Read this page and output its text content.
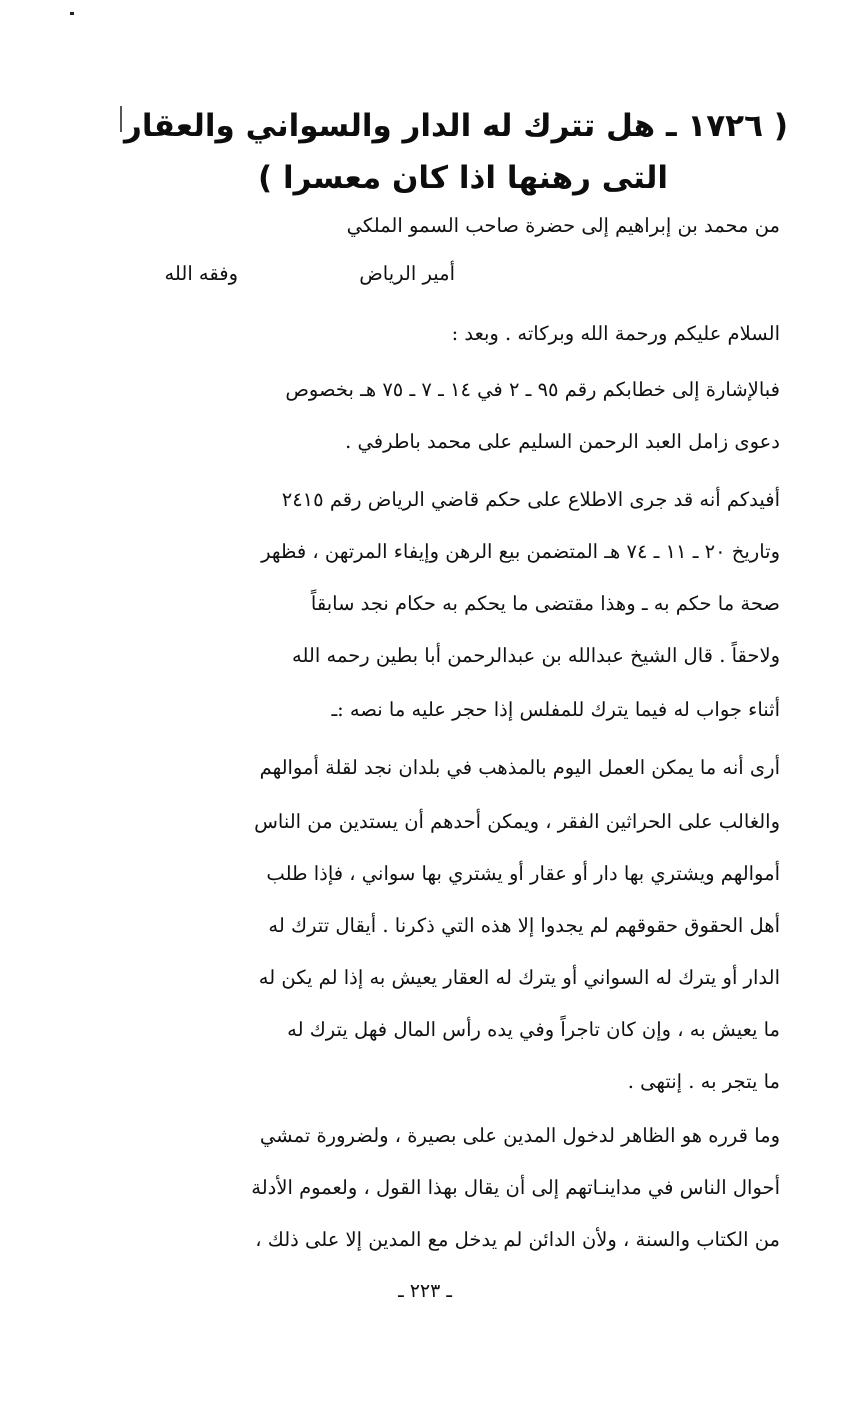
( ١٧٢٦ ـ هل تترك له الدار والسواني والعقار
التى رهنها اذا كان معسرا )
من محمد بن إبراهيم إلى حضرة صاحب السمو الملكي
أمير الرياض
وفقه الله
السلام عليكم ورحمة الله وبركاته . وبعد :
فبالإشارة إلى خطابكم رقم ٩٥ ـ ٢ في ١٤ ـ ٧ ـ ٧٥ هـ بخصوص
دعوى زامل العبد الرحمن السليم على محمد باطرفي .
أفيدكم أنه قد جرى الاطلاع على حكم قاضي الرياض رقم ٢٤١٥
وتاريخ ٢٠ ـ ١١ ـ ٧٤ هـ المتضمن بيع الرهن وإيفاء المرتهن ، فظهر
صحة ما حكم به ـ وهذا مقتضى ما يحكم به حكام نجد سابقاً
ولاحقاً . قال الشيخ عبدالله بن عبدالرحمن أبا بطين رحمه الله
أثناء جواب له فيما يترك للمفلس إذا حجر عليه ما نصه :ـ
أرى أنه ما يمكن العمل اليوم بالمذهب في بلدان نجد لقلة أموالهم
والغالب على الحراثين الفقر ، ويمكن أحدهم أن يستدين من الناس
أموالهم ويشتري بها دار أو عقار أو يشتري بها سواني ، فإذا طلب
أهل الحقوق حقوقهم لم يجدوا إلا هذه التي ذكرنا . أيقال تترك له
الدار أو يترك له السواني أو يترك له العقار يعيش به إذا لم يكن له
ما يعيش به ، وإن كان تاجراً وفي يده رأس المال فهل يترك له
ما يتجر به . إنتهى .
وما قرره هو الظاهر لدخول المدين على بصيرة ، ولضرورة تمشي
أحوال الناس في مداينـاتهم إلى أن يقال بهذا القول ، ولعموم الأدلة
من الكتاب والسنة ، ولأن الدائن لم يدخل مع المدين إلا على ذلك ،
ـ ٢٢٣ ـ
